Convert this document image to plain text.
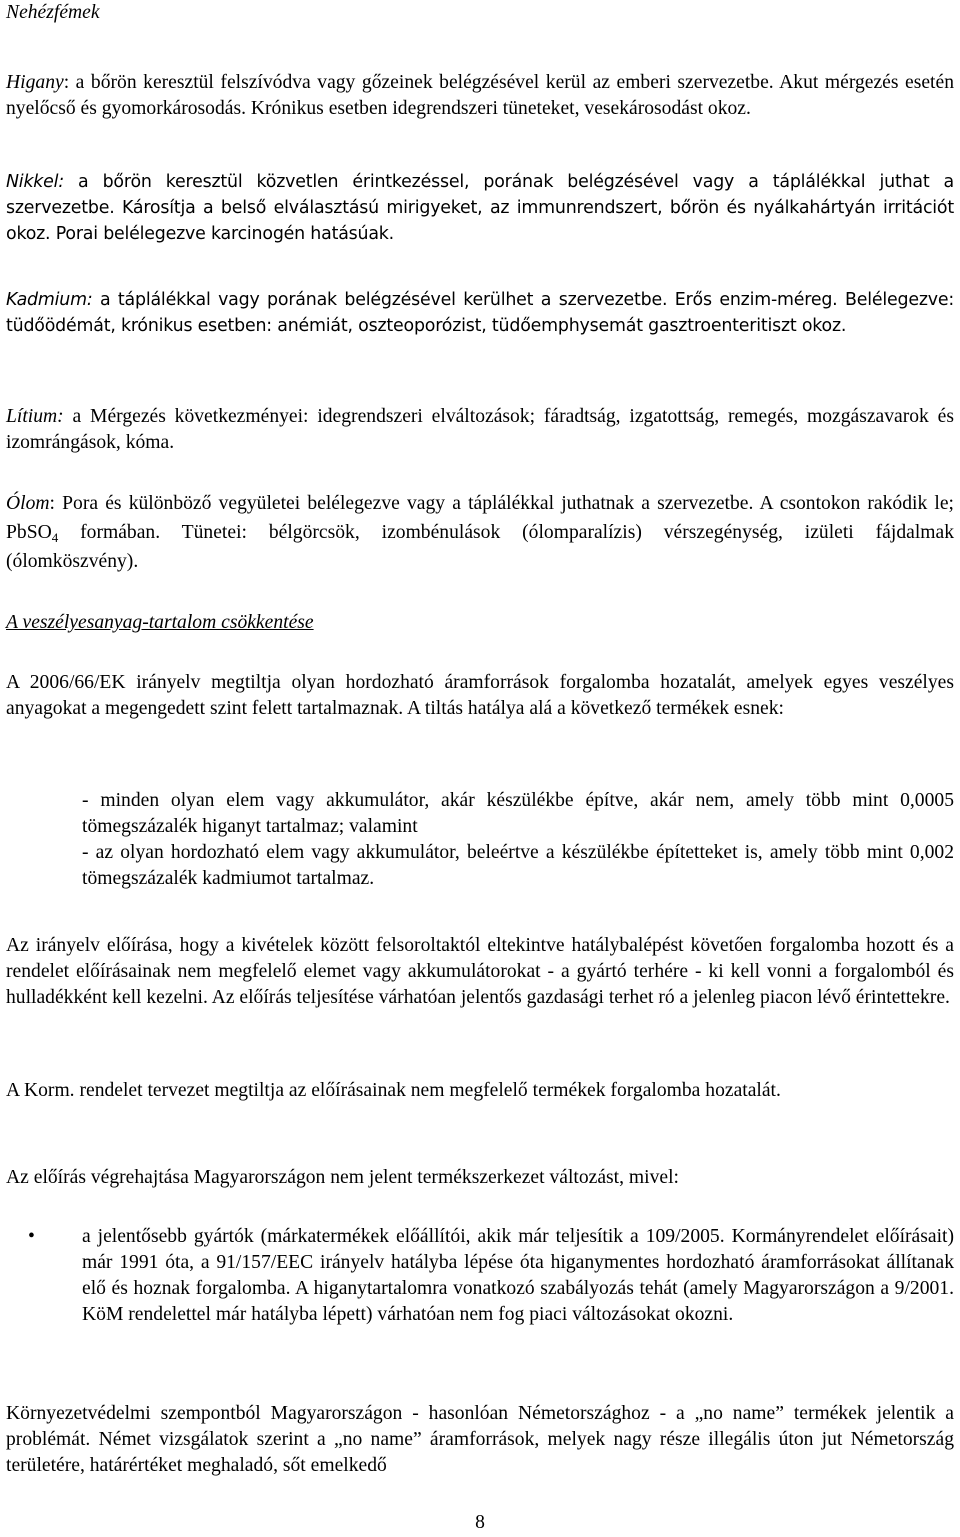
Nehézfémek

Higany: a bőrön keresztül felszívódva vagy gőzeinek belégzésével kerül az emberi szervezetbe. Akut mérgezés esetén nyelőcső és gyomorkárosodás. Krónikus esetben idegrendszeri tüneteket, vesekárosodást okoz.

Nikkel: a bőrön keresztül közvetlen érintkezéssel, porának belégzésével vagy a táplálékkal juthat a szervezetbe. Károsítja a belső elválasztású mirigyeket, az immunrendszert, bőrön és nyálkahártyán irritációt okoz. Porai belélegezve karcinogén hatásúak.

Kadmium: a táplálékkal vagy porának belégzésével kerülhet a szervezetbe. Erős enzim-méreg. Belélegezve: tüdőödémát, krónikus esetben: anémiát, oszteoporózist, tüdőemphysemát gasztroenteritiszt okoz.

Lítium: a Mérgezés következményei: idegrendszeri elváltozások; fáradtság, izgatottság, remegés, mozgászavarok és izomrángások, kóma.

Ólom: Pora és különböző vegyületei belélegezve vagy a táplálékkal juthatnak a szervezetbe. A csontokon rakódik le; PbSO$_4$ formában. Tünetei: bélgörcsök, izombénulások (ólomparalízis) vérszegénység, izületi fájdalmak (ólomköszvény).

A veszélyesanyag-tartalom csökkentése

A 2006/66/EK irányelv megtiltja olyan hordozható áramforrások forgalomba hozatalát, amelyek egyes veszélyes anyagokat a megengedett szint felett tartalmaznak. A tiltás hatálya alá a következő termékek esnek:

- minden olyan elem vagy akkumulátor, akár készülékbe építve, akár nem, amely több mint 0,0005 tömegszázalék higanyt tartalmaz; valamint
- az olyan hordozható elem vagy akkumulátor, beleértve a készülékbe építetteket is, amely több mint 0,002 tömegszázalék kadmiumot tartalmaz.

Az irányelv előírása, hogy a kivételek között felsoroltaktól eltekintve hatálybalépést követően forgalomba hozott és a rendelet előírásainak nem megfelelő elemet vagy akkumulátorokat - a gyártó terhére - ki kell vonni a forgalomból és hulladékként kell kezelni. Az előírás teljesítése várhatóan jelentős gazdasági terhet ró a jelenleg piacon lévő érintettekre.

A Korm. rendelet tervezet megtiltja az előírásainak nem megfelelő termékek forgalomba hozatalát.

Az előírás végrehajtása Magyarországon nem jelent termékszerkezet változást, mivel:

• a jelentősebb gyártók (márkatermékek előállítói, akik már teljesítik a 109/2005. Kormányrendelet előírásait) már 1991 óta, a 91/157/EEC irányelv hatályba lépése óta higanymentes hordozható áramforrásokat állítanak elő és hoznak forgalomba. A higanytartalomra vonatkozó szabályozás tehát (amely Magyarországon a 9/2001. KöM rendelettel már hatályba lépett) várhatóan nem fog piaci változásokat okozni.

Környezetvédelmi szempontból Magyarországon - hasonlóan Németországhoz - a „no name” termékek jelentik a problémát. Német vizsgálatok szerint a „no name” áramforrások, melyek nagy része illegális úton jut Németország területére, határértéket meghaladó, sőt emelkedő

8
